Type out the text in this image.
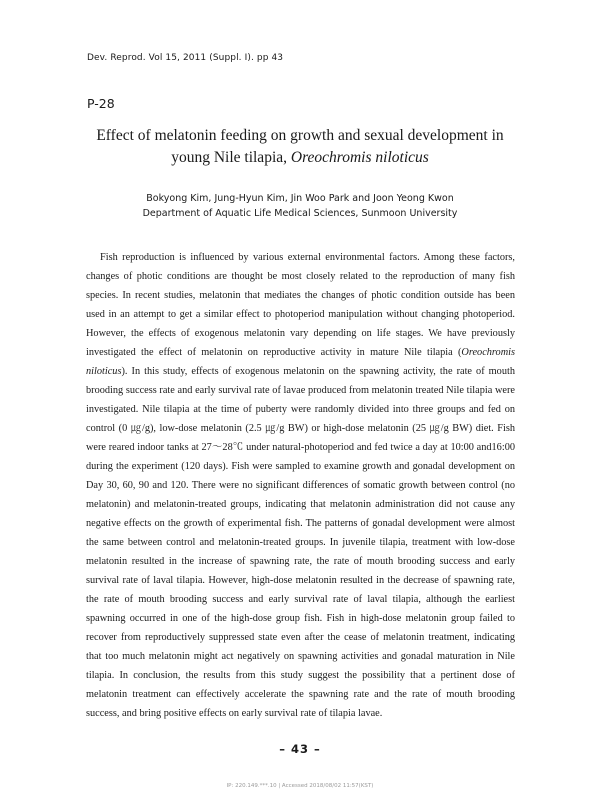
Dev. Reprod. Vol 15, 2011 (Suppl. I). pp 43
P-28
Effect of melatonin feeding on growth and sexual development in
young Nile tilapia, Oreochromis niloticus
Bokyong Kim, Jung-Hyun Kim, Jin Woo Park and Joon Yeong Kwon
Department of Aquatic Life Medical Sciences, Sunmoon University
Fish reproduction is influenced by various external environmental factors. Among these factors, changes of photic conditions are thought be most closely related to the reproduction of many fish species. In recent studies, melatonin that mediates the changes of photic condition outside has been used in an attempt to get a similar effect to photoperiod manipulation without changing photoperiod. However, the effects of exogenous melatonin vary depending on life stages. We have previously investigated the effect of melatonin on reproductive activity in mature Nile tilapia (Oreochromis niloticus). In this study, effects of exogenous melatonin on the spawning activity, the rate of mouth brooding success rate and early survival rate of lavae produced from melatonin treated Nile tilapia were investigated. Nile tilapia at the time of puberty were randomly divided into three groups and fed on control (0 ㎍/g), low-dose melatonin (2.5 ㎍/g BW) or high-dose melatonin (25 ㎍/g BW) diet. Fish were reared indoor tanks at 27～28℃ under natural-photoperiod and fed twice a day at 10:00 and16:00 during the experiment (120 days). Fish were sampled to examine growth and gonadal development on Day 30, 60, 90 and 120. There were no significant differences of somatic growth between control (no melatonin) and melatonin-treated groups, indicating that melatonin administration did not cause any negative effects on the growth of experimental fish. The patterns of gonadal development were almost the same between control and melatonin-treated groups. In juvenile tilapia, treatment with low-dose melatonin resulted in the increase of spawning rate, the rate of mouth brooding success and early survival rate of laval tilapia. However, high-dose melatonin resulted in the decrease of spawning rate, the rate of mouth brooding success and early survival rate of laval tilapia, although the earliest spawning occurred in one of the high-dose group fish. Fish in high-dose melatonin group failed to recover from reproductively suppressed state even after the cease of melatonin treatment, indicating that too much melatonin might act negatively on spawning activities and gonadal maturation in Nile tilapia. In conclusion, the results from this study suggest the possibility that a pertinent dose of melatonin treatment can effectively accelerate the spawning rate and the rate of mouth brooding success, and bring positive effects on early survival rate of tilapia lavae.
– 43 –
IP: 220.149.***.10 | Accessed 2018/08/02 11:57(KST)
